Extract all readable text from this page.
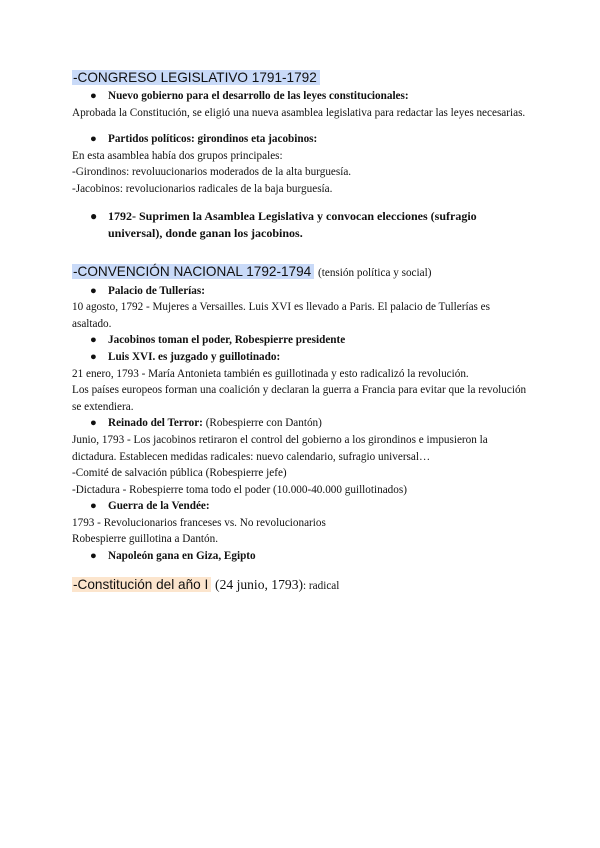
-CONGRESO LEGISLATIVO 1791-1792
● Nuevo gobierno para el desarrollo de las leyes constitucionales:

Aprobada la Constitución, se eligió una nueva asamblea legislativa para redactar las leyes necesarias.

● Partidos políticos: girondinos eta jacobinos:

En esta asamblea había dos grupos principales:

-Girondinos: revoluucionarios moderados de la alta burguesía.

-Jacobinos: revolucionarios radicales de la baja burguesía.

● 1792- Suprimen la Asamblea Legislativa y convocan elecciones (sufragio universal), donde ganan los jacobinos.
-CONVENCIÓN NACIONAL 1792-1794 (tensión política y social)
● Palacio de Tullerías:

10 agosto, 1792 - Mujeres a Versailles. Luis XVI es llevado a Paris. El palacio de Tullerías es asaltado.

● Jacobinos toman el poder, Robespierre presidente
● Luis XVI. es juzgado y guillotinado:

21 enero, 1793 - María Antonieta también es guillotinada y esto radicalizó la revolución.

Los países europeos forman una coalición y declaran la guerra a Francia para evitar que la revolución se extendiera.

● Reinado del Terror: (Robespierre con Dantón)

Junio, 1793 - Los jacobinos retiraron el control del gobierno a los girondinos e impusieron la dictadura. Establecen medidas radicales: nuevo calendario, sufragio universal…

-Comité de salvación pública (Robespierre jefe)

-Dictadura - Robespierre toma todo el poder (10.000-40.000 guillotinados)

● Guerra de la Vendée:

1793 - Revolucionarios franceses vs. No revolucionarios

Robespierre guillotina a Dantón.

● Napoleón gana en Giza, Egipto
-Constitución del año I (24 junio, 1793): radical
